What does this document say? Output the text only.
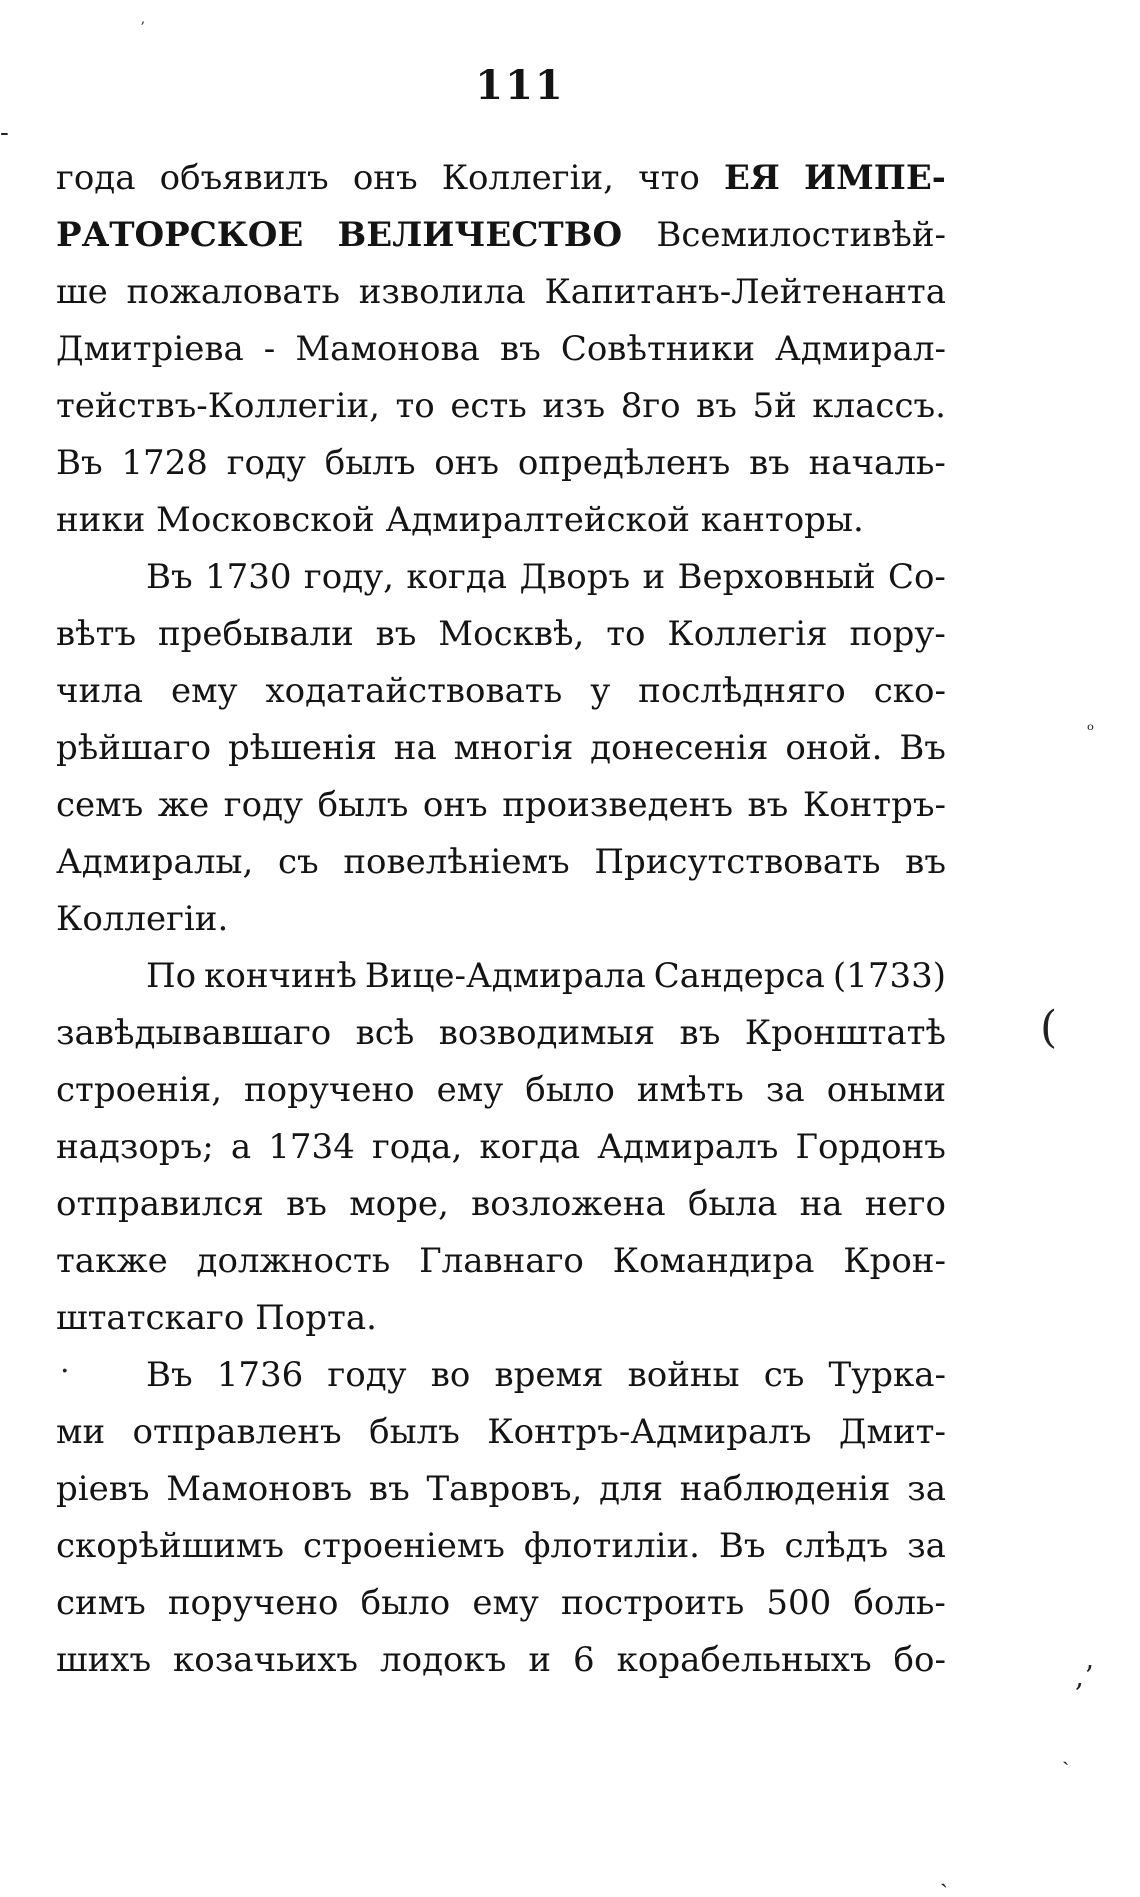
111
года объявилъ онъ Коллегіи, что ЕЯ ИМПЕ-
РАТОРСКОЕ ВЕЛИЧЕСТВО Всемилостивѣй-
ше пожаловать изволила Капитанъ-Лейтенанта
Дмитріева - Мамонова въ Совѣтники Адмирал-
тействъ-Коллегіи, то есть изъ 8го въ 5й классъ.
Въ 1728 году былъ онъ опредѣленъ въ началь-
ники Московской Адмиралтейской канторы.
Въ 1730 году, когда Дворъ и Верховный Со-
вѣтъ пребывали въ Москвѣ, то Коллегія пору-
чила ему ходатайствовать у послѣдняго ско-
рѣйшаго рѣшенія на многія донесенія оной. Въ
семъ же году былъ онъ произведенъ въ Контръ-
Адмиралы, съ повелѣніемъ Присутствовать въ
Коллегіи.
По кончинѣ Вице-Адмирала Сандерса (1733)
завѣдывавшаго всѣ возводимыя въ Кронштатѣ
строенія, поручено ему было имѣть за оными
надзоръ; а 1734 года, когда Адмиралъ Гордонъ
отправился въ море, возложена была на него
также должность Главнаго Командира Крон-
штатскаго Порта.
Въ 1736 году во время войны съ Турка-
ми отправленъ былъ Контръ-Адмиралъ Дмит-
ріевъ Мамоновъ въ Тавровъ, для наблюденія за
скорѣйшимъ строеніемъ флотиліи. Въ слѣдъ за
симъ поручено было ему построить 500 боль-
шихъ козачьихъ лодокъ и 6 корабельныхъ бо-
ʼ
-
ᵒ
(
.
,ʼ
ˎ
ˏ
